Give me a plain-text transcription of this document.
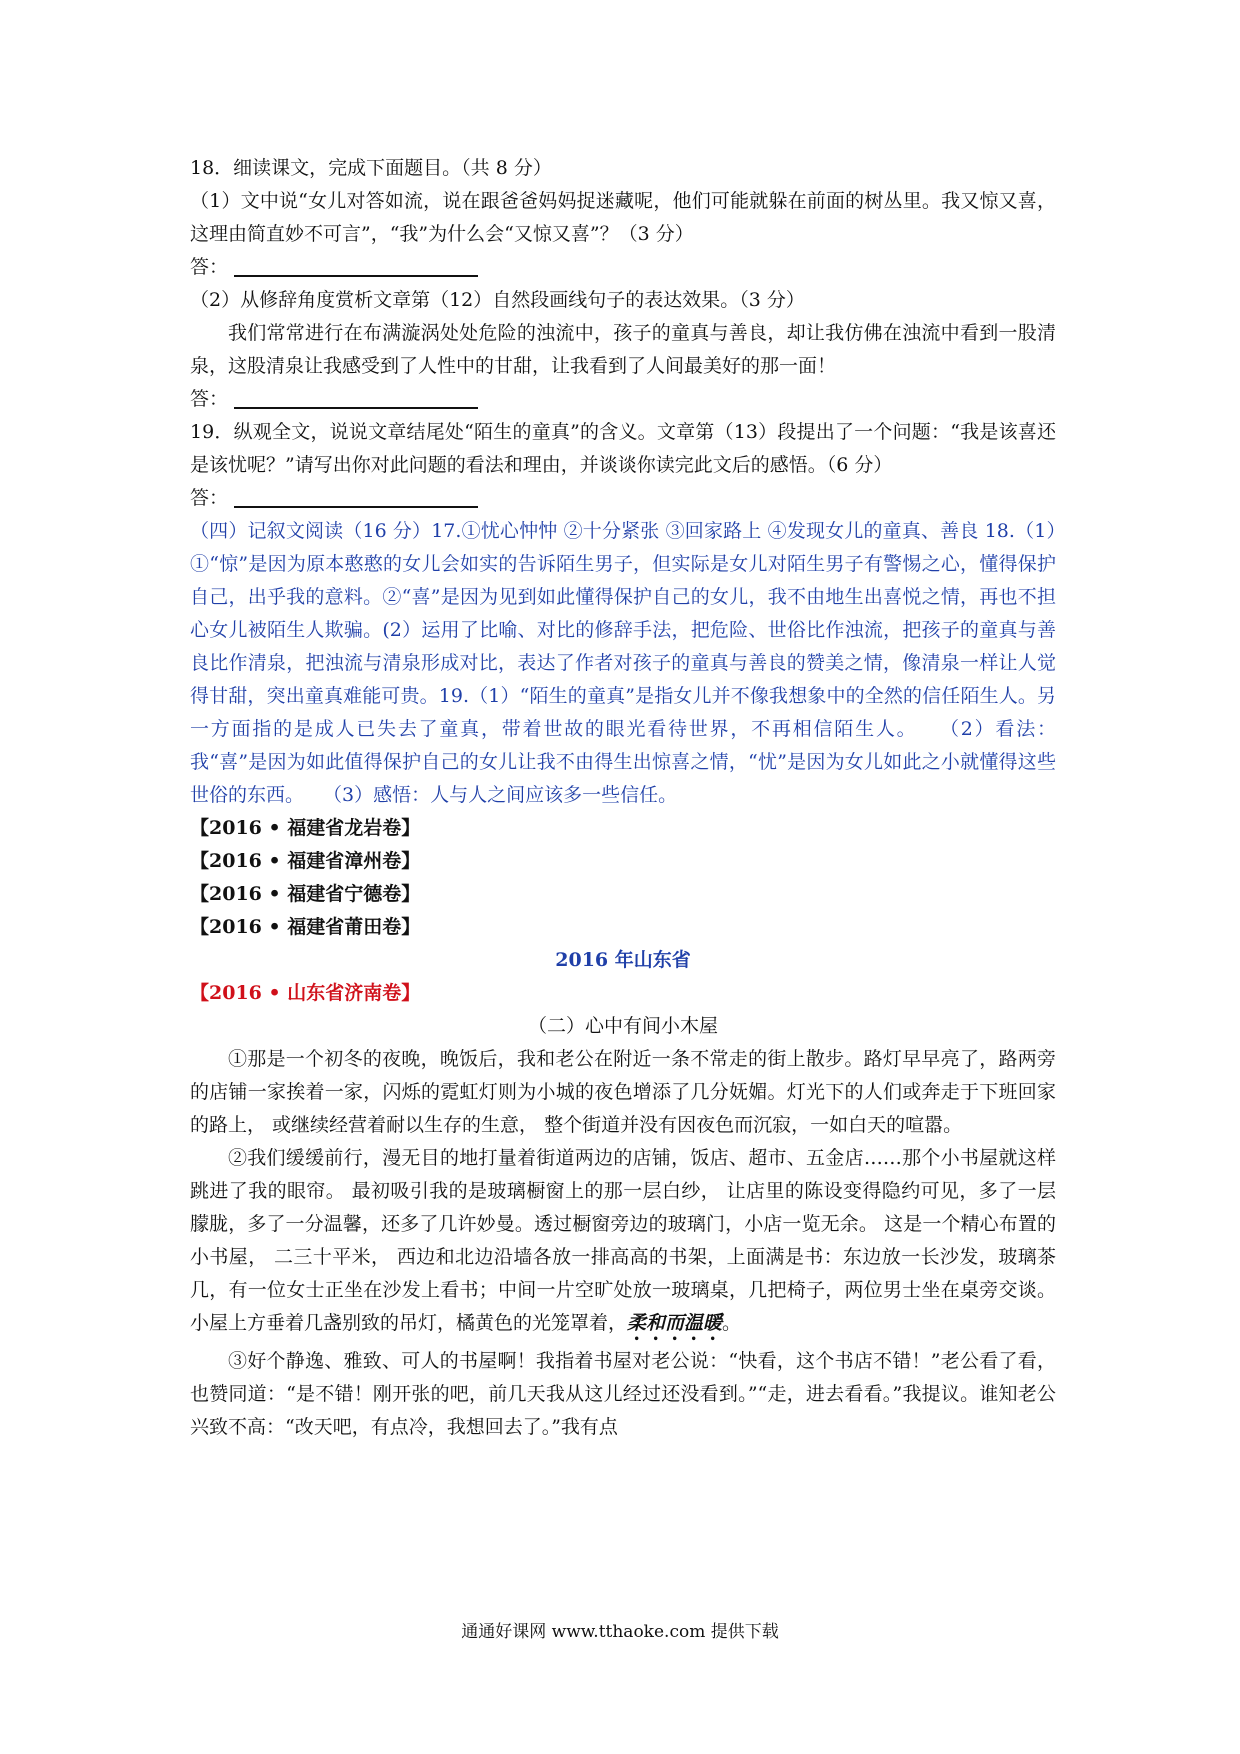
18．细读课文，完成下面题目。（共 8 分）

（1）文中说“女儿对答如流，说在跟爸爸妈妈捉迷藏呢，他们可能就躲在前面的树丛里。我又惊又喜，这理由简直妙不可言”，“我”为什么会“又惊又喜”？（3 分）

答：

（2）从修辞角度赏析文章第（12）自然段画线句子的表达效果。（3 分）

我们常常进行在布满漩涡处处危险的浊流中，孩子的童真与善良，却让我仿佛在浊流中看到一股清泉，这股清泉让我感受到了人性中的甘甜，让我看到了人间最美好的那一面！

答：

19．纵观全文，说说文章结尾处“陌生的童真”的含义。文章第（13）段提出了一个问题：“我是该喜还是该忧呢？”请写出你对此问题的看法和理由，并谈谈你读完此文后的感悟。（6 分）

答：

（四）记叙文阅读（16 分）17.①忧心忡忡 ②十分紧张 ③回家路上 ④发现女儿的童真、善良 18.（1）①“惊”是因为原本憨憨的女儿会如实的告诉陌生男子，但实际是女儿对陌生男子有警惕之心，懂得保护自己，出乎我的意料。②“喜”是因为见到如此懂得保护自己的女儿，我不由地生出喜悦之情，再也不担心女儿被陌生人欺骗。(2）运用了比喻、对比的修辞手法，把危险、世俗比作浊流，把孩子的童真与善良比作清泉，把浊流与清泉形成对比，表达了作者对孩子的童真与善良的赞美之情，像清泉一样让人觉得甘甜，突出童真难能可贵。19.（1）“陌生的童真”是指女儿并不像我想象中的全然的信任陌生人。另一方面指的是成人已失去了童真，带着世故的眼光看待世界，不再相信陌生人。　　（2）看法：我“喜”是因为如此值得保护自己的女儿让我不由得生出惊喜之情，“忧”是因为女儿如此之小就懂得这些世俗的东西。　　（3）感悟：人与人之间应该多一些信任。

【2016 • 福建省龙岩卷】

【2016 • 福建省漳州卷】

【2016 • 福建省宁德卷】

【2016 • 福建省莆田卷】

2016 年山东省

【2016 • 山东省济南卷】

（二）心中有间小木屋

①那是一个初冬的夜晚，晚饭后，我和老公在附近一条不常走的街上散步。路灯早早亮了，路两旁的店铺一家挨着一家，闪烁的霓虹灯则为小城的夜色增添了几分妩媚。灯光下的人们或奔走于下班回家的路上， 或继续经营着耐以生存的生意， 整个街道并没有因夜色而沉寂，一如白天的喧嚣。

②我们缓缓前行，漫无目的地打量着街道两边的店铺，饭店、超市、五金店……那个小书屋就这样跳进了我的眼帘。 最初吸引我的是玻璃橱窗上的那一层白纱， 让店里的陈设变得隐约可见，多了一层朦胧，多了一分温馨，还多了几许妙曼。透过橱窗旁边的玻璃门，小店一览无余。 这是一个精心布置的小书屋， 二三十平米， 西边和北边沿墙各放一排高高的书架，上面满是书：东边放一长沙发，玻璃茶几，有一位女士正坐在沙发上看书；中间一片空旷处放一玻璃桌，几把椅子，两位男士坐在桌旁交谈。小屋上方垂着几盏别致的吊灯，橘黄色的光笼罩着，柔和而温暖。

③好个静逸、雅致、可人的书屋啊！我指着书屋对老公说：“快看，这个书店不错！”老公看了看，也赞同道：“是不错！刚开张的吧，前几天我从这儿经过还没看到。”“走，进去看看。”我提议。谁知老公兴致不高：“改天吧，有点冷，我想回去了。”我有点

通通好课网 www.tthaoke.com 提供下载
